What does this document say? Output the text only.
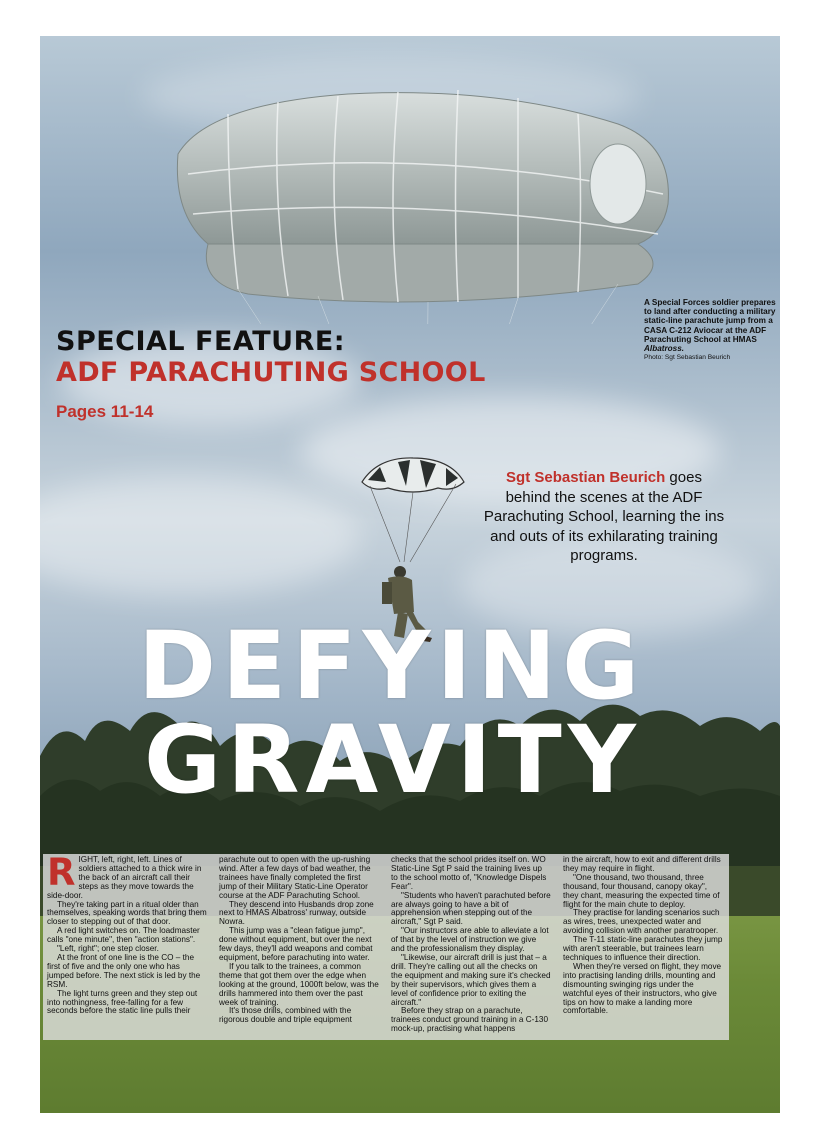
A Special Forces soldier prepares to land after conducting a military static-line parachute jump from a CASA C-212 Aviocar at the ADF Parachuting School at HMAS Albatross.
Photo: Sgt Sebastian Beurich
SPECIAL FEATURE:
ADF PARACHUTING SCHOOL
Pages 11-14
Sgt Sebastian Beurich goes behind the scenes at the ADF Parachuting School, learning the ins and outs of its exhilarating training programs.
DEFYING
GRAVITY

RIGHT, left, right, left. Lines of soldiers attached to a thick wire in the back of an aircraft call their steps as they move towards the side-door.

They're taking part in a ritual older than themselves, speaking words that bring them closer to stepping out of that door.

A red light switches on. The loadmaster calls "one minute", then "action stations".

"Left, right"; one step closer.

At the front of one line is the CO – the first of five and the only one who has jumped before. The next stick is led by the RSM.

The light turns green and they step out into nothingness, free-falling for a few seconds before the static line pulls their

parachute out to open with the up-rushing wind. After a few days of bad weather, the trainees have finally completed the first jump of their Military Static-Line Operator course at the ADF Parachuting School.

They descend into Husbands drop zone next to HMAS Albatross' runway, outside Nowra.

This jump was a "clean fatigue jump", done without equipment, but over the next few days, they'll add weapons and combat equipment, before parachuting into water.

If you talk to the trainees, a common theme that got them over the edge when looking at the ground, 1000ft below, was the drills hammered into them over the past week of training.

It's those drills, combined with the rigorous double and triple equipment

checks that the school prides itself on. WO Static-Line Sgt P said the training lives up to the school motto of, "Knowledge Dispels Fear".

"Students who haven't parachuted before are always going to have a bit of apprehension when stepping out of the aircraft," Sgt P said.

"Our instructors are able to alleviate a lot of that by the level of instruction we give and the professionalism they display.

"Likewise, our aircraft drill is just that – a drill. They're calling out all the checks on the equipment and making sure it's checked by their supervisors, which gives them a level of confidence prior to exiting the aircraft."

Before they strap on a parachute, trainees conduct ground training in a C-130 mock-up, practising what happens

in the aircraft, how to exit and different drills they may require in flight.

"One thousand, two thousand, three thousand, four thousand, canopy okay", they chant, measuring the expected time of flight for the main chute to deploy.

They practise for landing scenarios such as wires, trees, unexpected water and avoiding collision with another paratrooper.

The T-11 static-line parachutes they jump with aren't steerable, but trainees learn techniques to influence their direction.

When they're versed on flight, they move into practising landing drills, mounting and dismounting swinging rigs under the watchful eyes of their instructors, who give tips on how to make a landing more comfortable.
